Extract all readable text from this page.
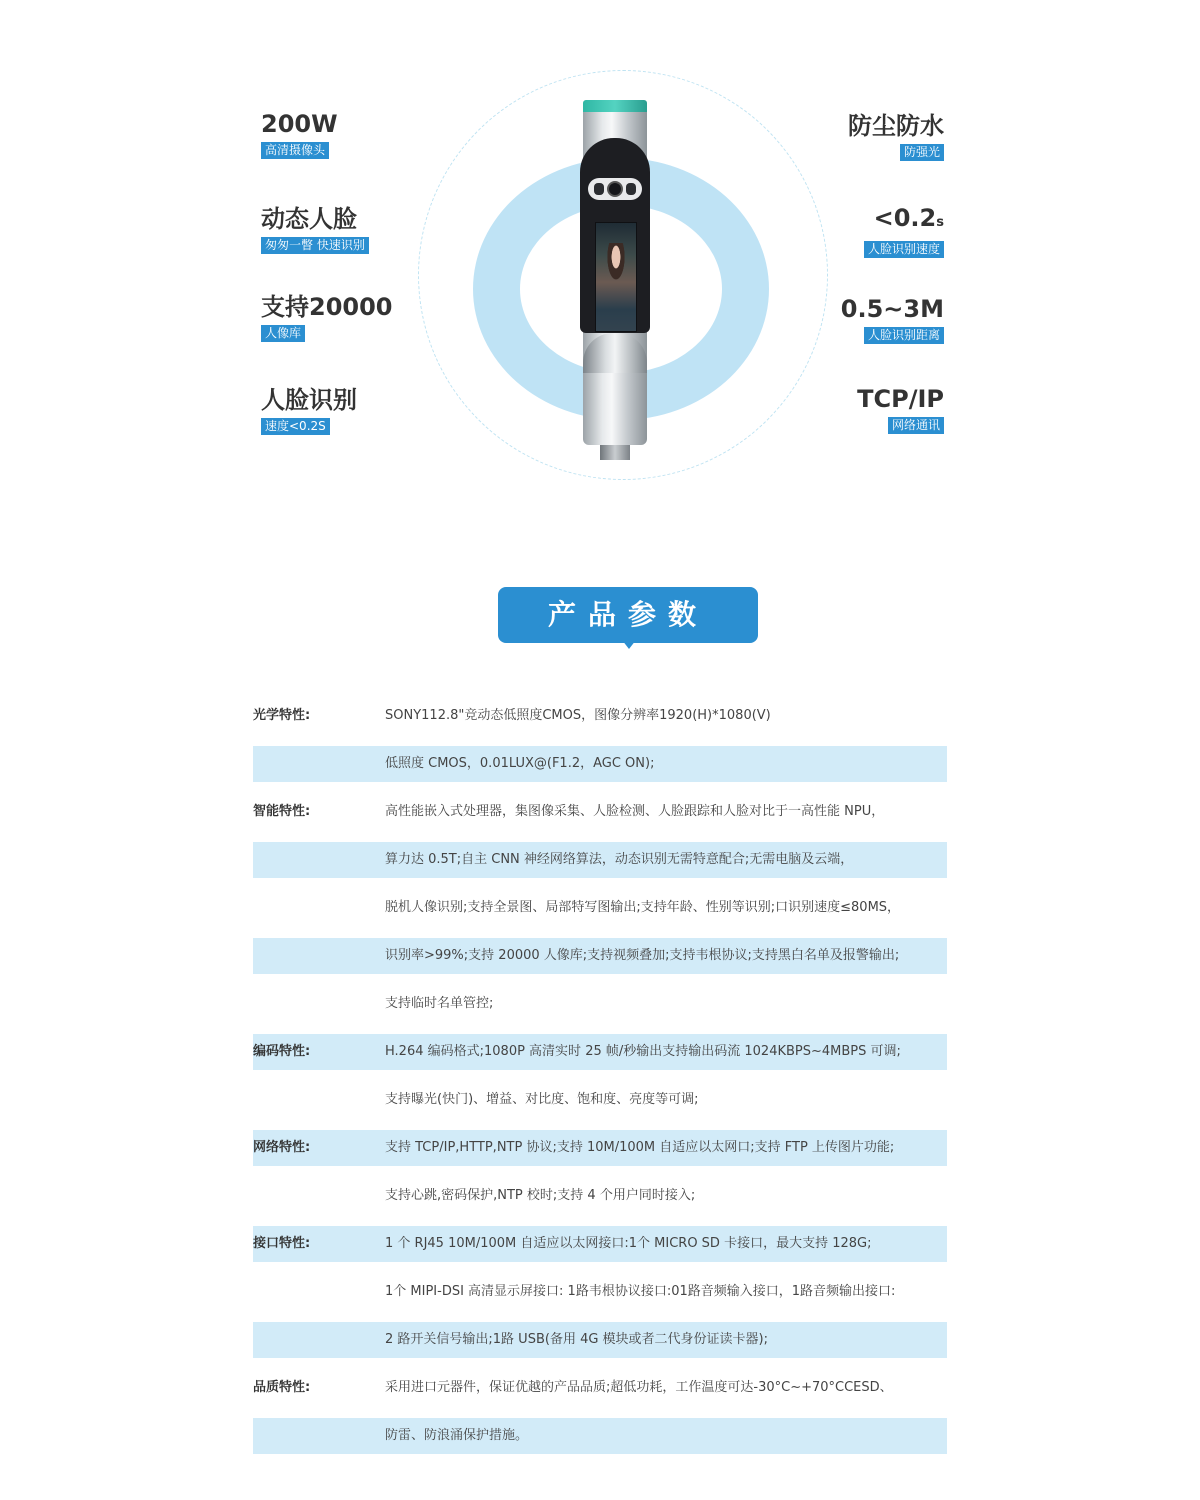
200W
高清摄像头
动态人脸
匆匆一瞥 快速识别
支持20000
人像库
人脸识别
速度<0.2S
防尘防水
防强光
<0.2s
人脸识别速度
0.5~3M
人脸识别距离
TCP/IP
网络通讯
产品参数
光学特性:	SONY112.8"竞动态低照度CMOS，图像分辨率1920(H)*1080(V)
低照度 CMOS，0.01LUX@(F1.2，AGC ON);
智能特性:	高性能嵌入式处理器，集图像采集、人脸检测、人脸跟踪和人脸对比于一高性能 NPU，
算力达 0.5T;自主 CNN 神经网络算法，动态识别无需特意配合;无需电脑及云端，
脱机人像识别;支持全景图、局部特写图输出;支持年龄、性别等识别;口识别速度≤80MS，
识别率>99%;支持 20000 人像库;支持视频叠加;支持韦根协议;支持黑白名单及报警输出;
支持临时名单管控;
编码特性:	H.264 编码格式;1080P 高清实时 25 帧/秒输出支持输出码流 1024KBPS~4MBPS 可调;
支持曝光(快门)、增益、对比度、饱和度、亮度等可调;
网络特性:	支持 TCP/IP,HTTP,NTP 协议;支持 10M/100M 自适应以太网口;支持 FTP 上传图片功能;
支持心跳,密码保护,NTP 校时;支持 4 个用户同时接入;
接口特性:	1 个 RJ45 10M/100M 自适应以太网接口:1个 MICRO SD 卡接口，最大支持 128G;
1个 MIPI-DSI 高清显示屏接口: 1路韦根协议接口:01路音频输入接口，1路音频输出接口:
2 路开关信号输出;1路 USB(备用 4G 模块或者二代身份证读卡器);
品质特性:	采用进口元器件，保证优越的产品品质;超低功耗，工作温度可达-30°C~+70°CCESD、
防雷、防浪涌保护措施。
